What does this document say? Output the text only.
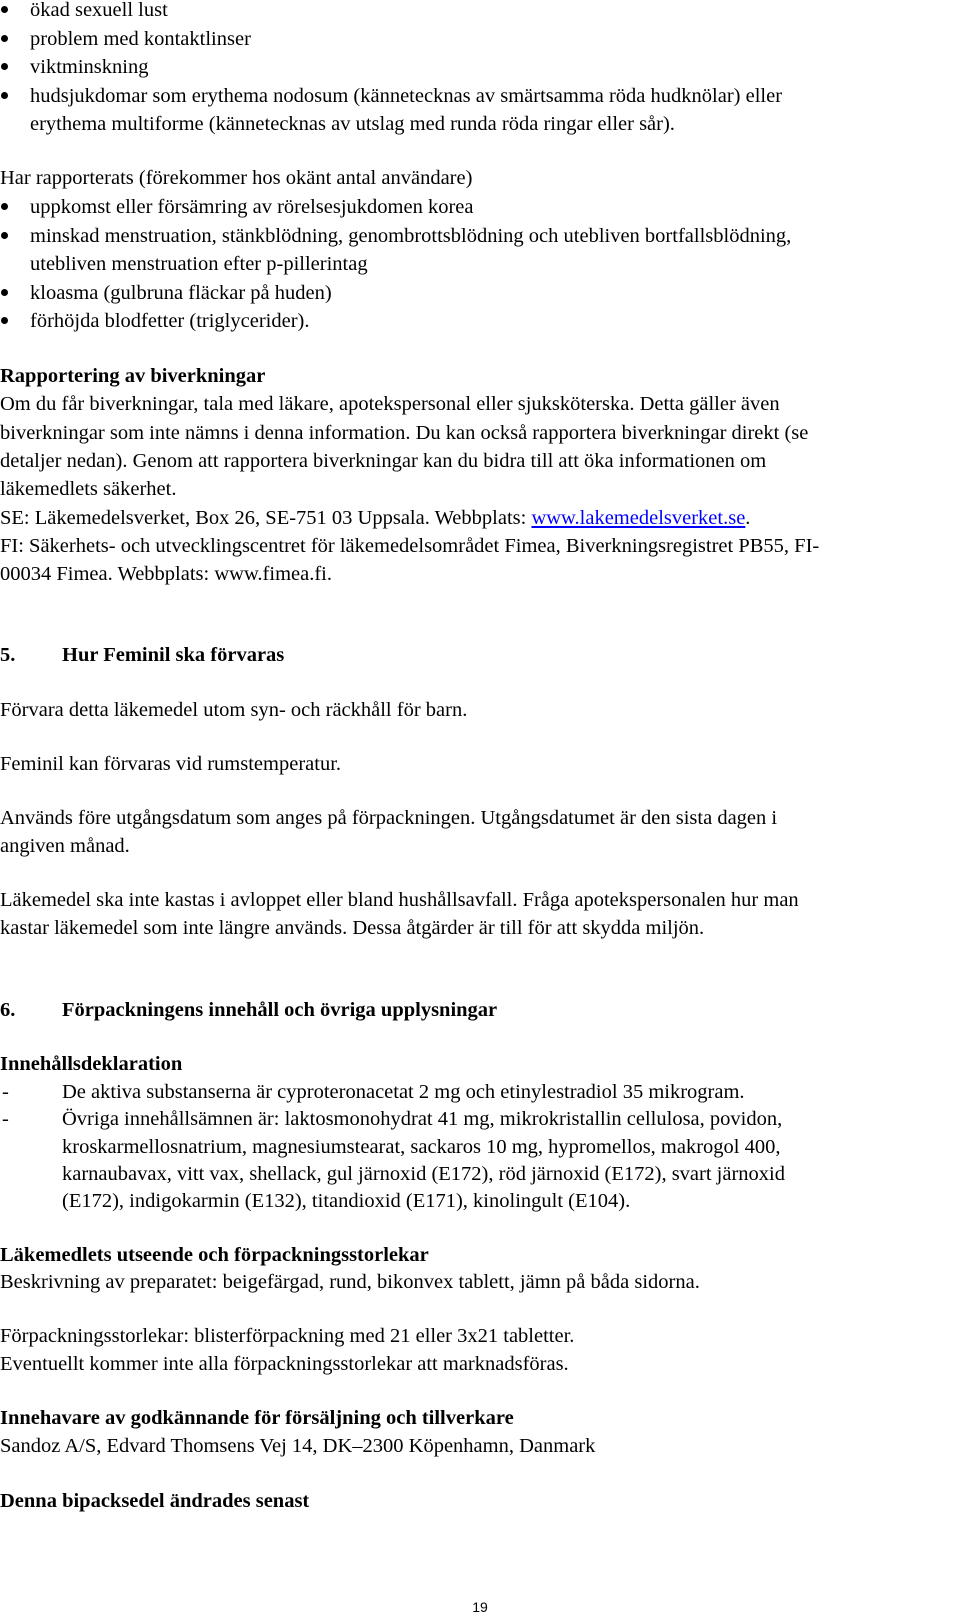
ökad sexuell lust
problem med kontaktlinser
viktminskning
hudsjukdomar som erythema nodosum (kännetecknas av smärtsamma röda hudknölar) eller
erythema multiforme (kännetecknas av utslag med runda röda ringar eller sår).
Har rapporterats (förekommer hos okänt antal användare)
uppkomst eller försämring av rörelsesjukdomen korea
minskad menstruation, stänkblödning, genombrottsblödning och utebliven bortfallsblödning,
utebliven menstruation efter p-pillerintag
kloasma (gulbruna fläckar på huden)
förhöjda blodfetter (triglycerider).
Rapportering av biverkningar
Om du får biverkningar, tala med läkare, apotekspersonal eller sjuksköterska. Detta gäller även
biverkningar som inte nämns i denna information. Du kan också rapportera biverkningar direkt (se
detaljer nedan). Genom att rapportera biverkningar kan du bidra till att öka informationen om
läkemedlets säkerhet.
SE: Läkemedelsverket, Box 26, SE-751 03 Uppsala. Webbplats: www.lakemedelsverket.se.
FI: Säkerhets- och utvecklingscentret för läkemedelsområdet Fimea, Biverkningsregistret PB55, FI-
00034 Fimea. Webbplats: www.fimea.fi.
5. Hur Feminil ska förvaras
Förvara detta läkemedel utom syn- och räckhåll för barn.
Feminil kan förvaras vid rumstemperatur.
Används före utgångsdatum som anges på förpackningen. Utgångsdatumet är den sista dagen i
angiven månad.
Läkemedel ska inte kastas i avloppet eller bland hushållsavfall. Fråga apotekspersonalen hur man
kastar läkemedel som inte längre används. Dessa åtgärder är till för att skydda miljön.
6. Förpackningens innehåll och övriga upplysningar
Innehållsdeklaration
-	De aktiva substanserna är cyproteronacetat 2 mg och etinylestradiol 35 mikrogram.
-	Övriga innehållsämnen är: laktosmonohydrat 41 mg, mikrokristallin cellulosa, povidon,
kroskarmellosnatrium, magnesiumstearat, sackaros 10 mg, hypromellos, makrogol 400,
karnaubavax, vitt vax, shellack, gul järnoxid (E172), röd järnoxid (E172), svart järnoxid
(E172), indigokarmin (E132), titandioxid (E171), kinolingult (E104).
Läkemedlets utseende och förpackningsstorlekar
Beskrivning av preparatet: beigefärgad, rund, bikonvex tablett, jämn på båda sidorna.
Förpackningsstorlekar: blisterförpackning med 21 eller 3x21 tabletter.
Eventuellt kommer inte alla förpackningsstorlekar att marknadsföras.
Innehavare av godkännande för försäljning och tillverkare
Sandoz A/S, Edvard Thomsens Vej 14, DK–2300 Köpenhamn, Danmark
Denna bipacksedel ändrades senast
19
